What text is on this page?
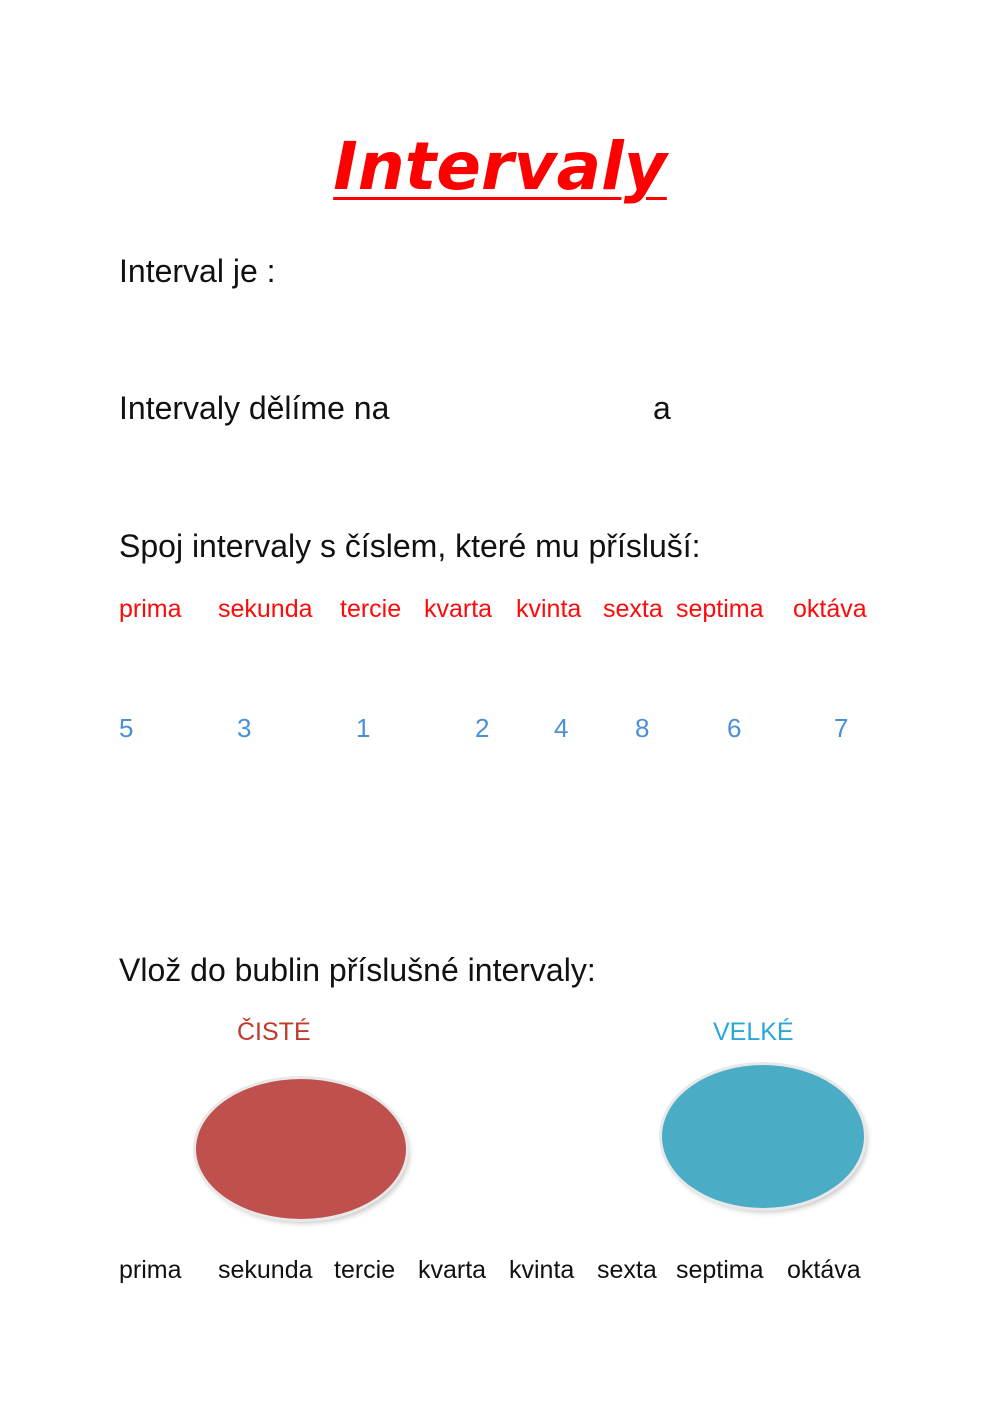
Intervaly
Interval je :
Intervaly dělíme na	a
Spoj intervaly s číslem, které mu přísluší:
prima sekunda tercie kvarta kvinta sexta septima oktáva
5	3	1	2 4	8	6	7
Vlož do bublin příslušné intervaly:
ČISTÉ	VELKÉ
prima sekunda tercie kvarta kvinta sexta septima oktáva
